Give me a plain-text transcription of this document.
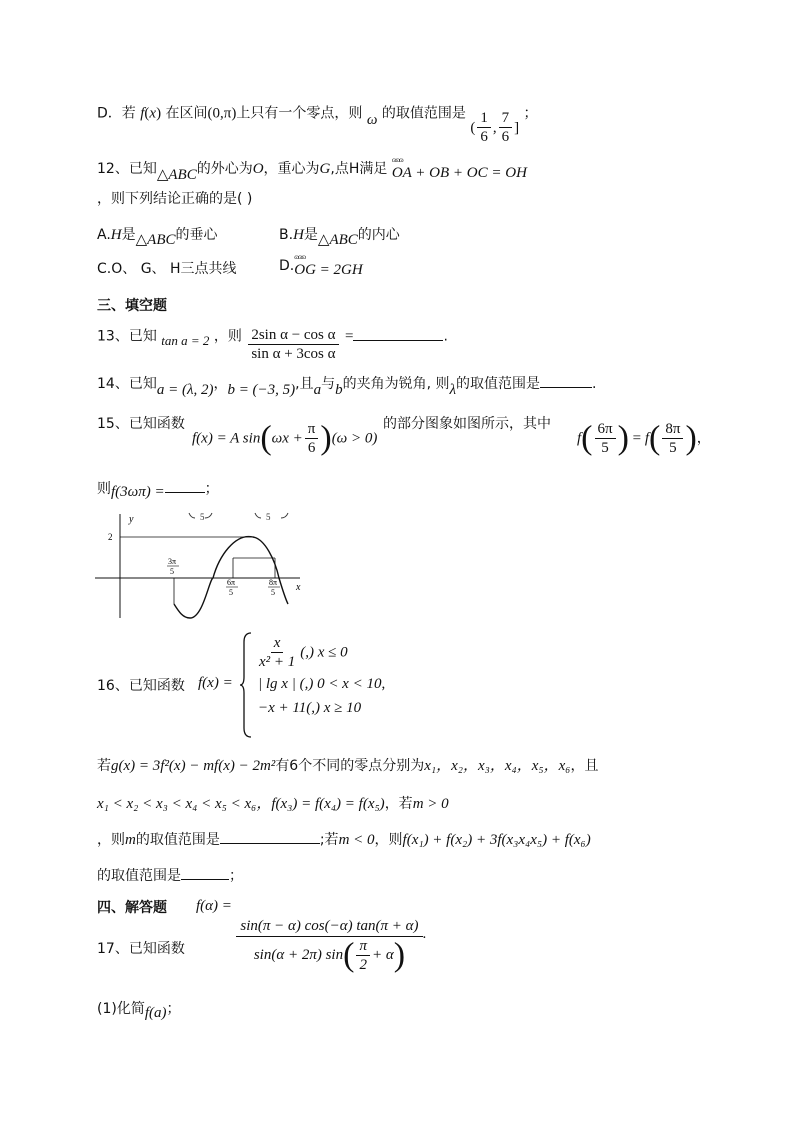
D．若 f(x) 在区间(0,π)上只有一个零点，则 ω 的取值范围是 ( $\frac{1}{6}$ , $\frac{7}{6}$ ] ；
12、已知△ABC的外心为O，重心为G,点H满足 ɷɷɷ OA + OB + OC = OH
，则下列结论正确的是( )
A.H是△ABC的垂心	B.H是△ABC的内心
C.O、 G、 H三点共线	D.ɷɷɷ OG = 2GH
三、填空题
13、已知 tan a = 2 ，则 $\frac{\text{2sin α − cos α}}{\text{sin α + 3cos α}}$ =	.
14、已知a = (λ, 2)，b = (−3, 5),且a与b的夹角为锐角, 则λ的取值范围是	.
15、已知函数	的部分图象如图所示，其中
f(x) = A $\sin(\omega x + \frac{\pi}{6} )(\omega > 0)$	$f( \frac{6\pi}{5}$ ) = $f( \frac{8\pi}{5}$ )，
则f(3ωπ) =	；
5	5
y
x
2
3π
5
6π
5
8π
5
16、已知函数 f(x) =
$\frac{x}{\text{x² + 1}}$ (,) x ≤ 0
| lg x | (,) 0 < x < 10,
−x + 11(,) x ≥ 10
若g(x) = 3f²(x) − mf(x) − 2m²有6个不同的零点分别为x₁，x₂，x₃，x₄，x₅，x₆，且
x₁ < x₂ < x₃ < x₄ < x₅ < x₆，f(x₃) = f(x₄) = f(x₅)，若m > 0
，则m的取值范围是	;若m < 0，则f(x₁) + f(x₂) + 3f(x₃x₄x₅) + f(x₆)
的取值范围是	；
四、解答题
17、已知函数
f(α) =
$\frac{\sin(\pi - \alpha) \cos(-\alpha) \tan(\pi + \alpha)}{\sin(\alpha + 2\pi) \sin( \frac{\pi}{2} + \alpha)}$ .
(1)化简f(a)；
